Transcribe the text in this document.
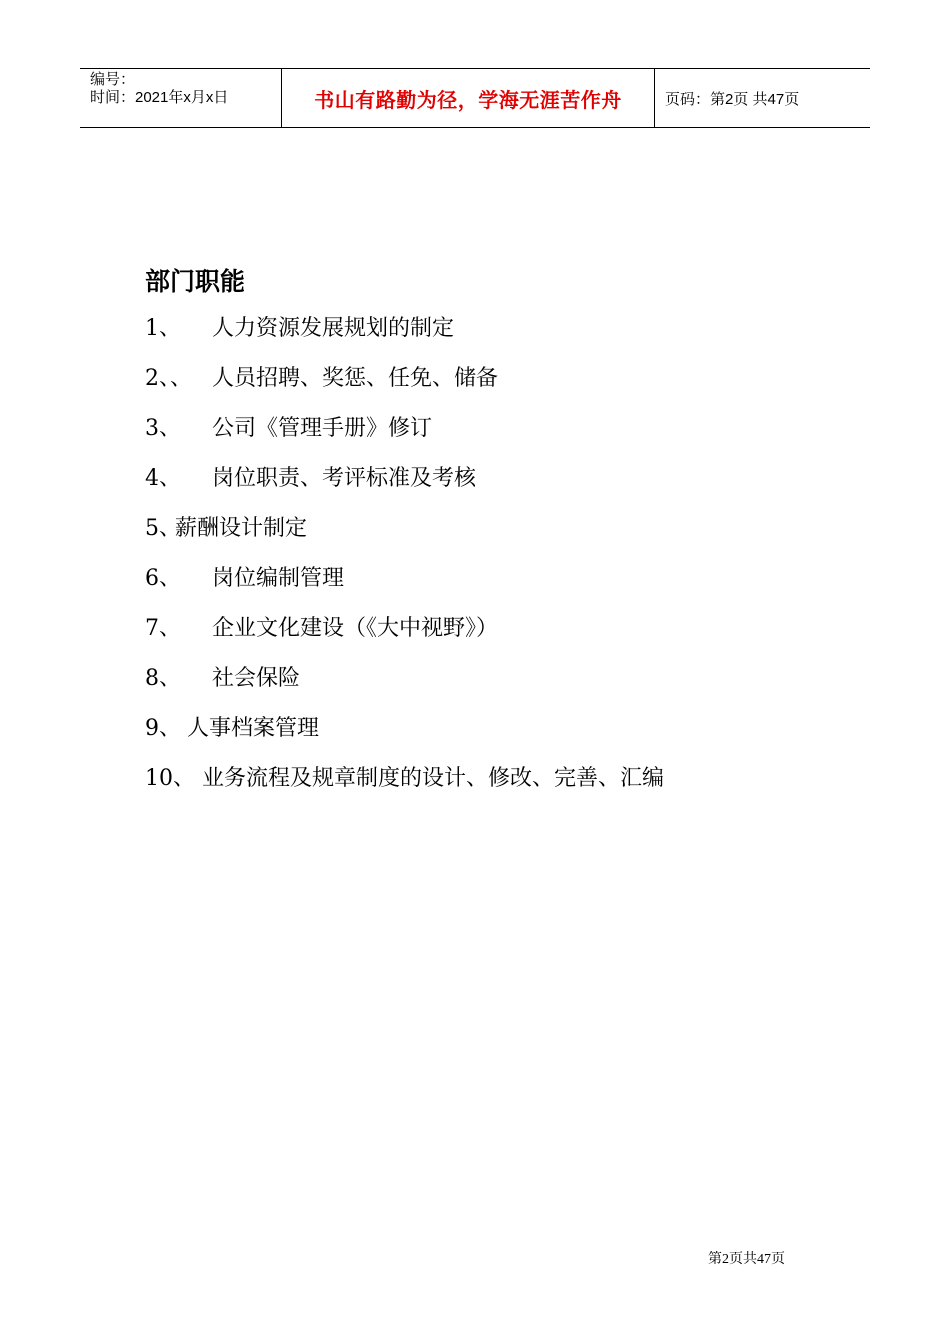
编号：
时间：2021年x月x日	书山有路勤为径，学海无涯苦作舟	页码：第2页 共47页
部门职能
1、 人力资源发展规划的制定
2、、 人员招聘、奖惩、任免、储备
3、 公司《管理手册》修订
4、 岗位职责、考评标准及考核
5、
薪酬设计制定
6、 岗位编制管理
7、 企业文化建设（《大中视野》）
8、 社会保险
9、 人事档案管理
10、 业务流程及规章制度的设计、修改、完善、汇编
第2页共47页
